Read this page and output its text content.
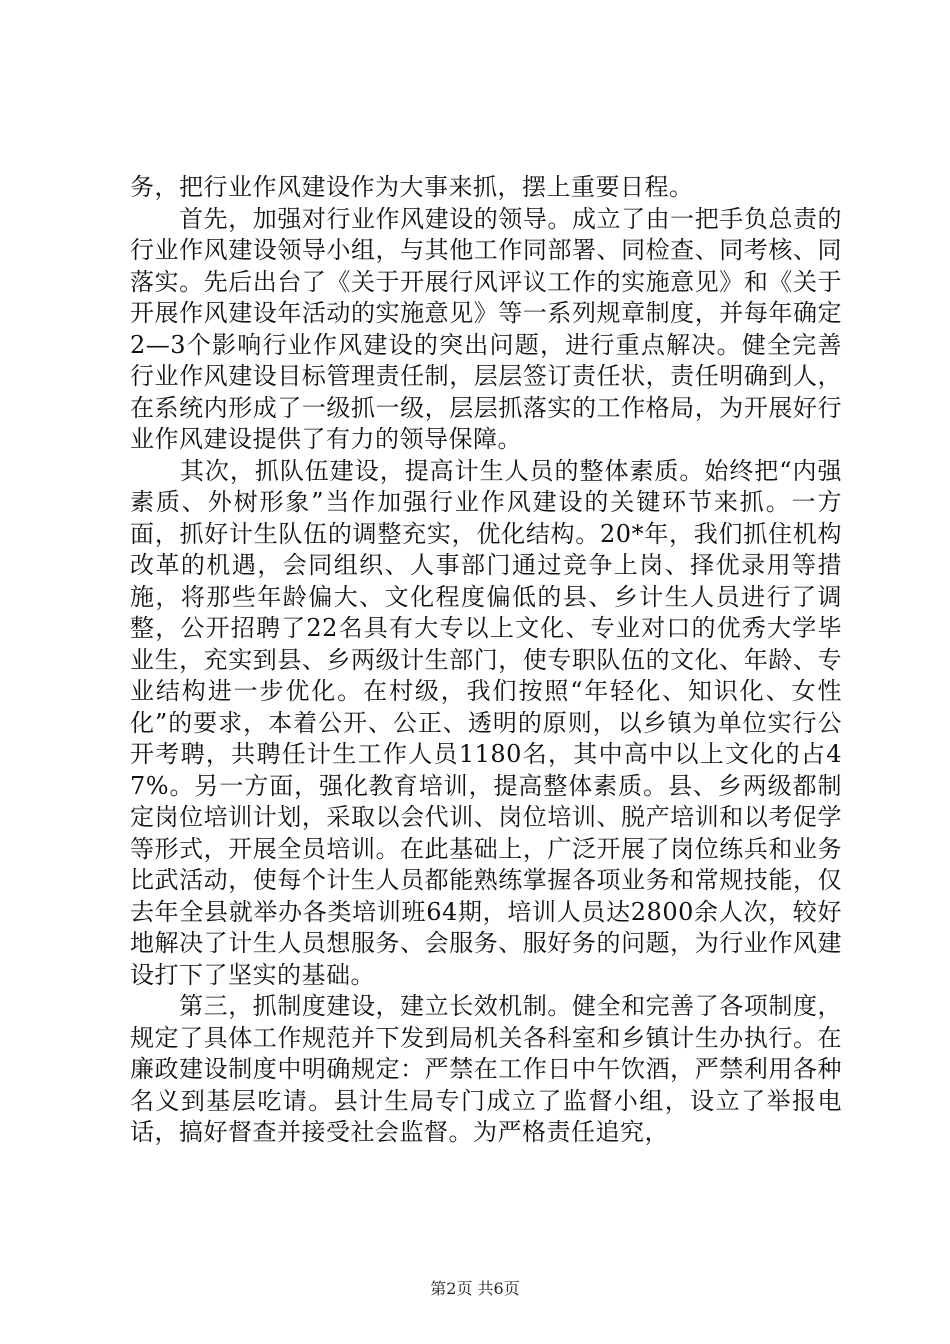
务，把行业作风建设作为大事来抓，摆上重要日程。

　　首先，加强对行业作风建设的领导。成立了由一把手负总责的行业作风建设领导小组，与其他工作同部署、同检查、同考核、同落实。先后出台了《关于开展行风评议工作的实施意见》和《关于开展作风建设年活动的实施意见》等一系列规章制度，并每年确定2—3个影响行业作风建设的突出问题，进行重点解决。健全完善行业作风建设目标管理责任制，层层签订责任状，责任明确到人，在系统内形成了一级抓一级，层层抓落实的工作格局，为开展好行业作风建设提供了有力的领导保障。

　　其次，抓队伍建设，提高计生人员的整体素质。始终把“内强素质、外树形象”当作加强行业作风建设的关键环节来抓。一方面，抓好计生队伍的调整充实，优化结构。20*年，我们抓住机构改革的机遇，会同组织、人事部门通过竞争上岗、择优录用等措施，将那些年龄偏大、文化程度偏低的县、乡计生人员进行了调整，公开招聘了22名具有大专以上文化、专业对口的优秀大学毕业生，充实到县、乡两级计生部门，使专职队伍的文化、年龄、专业结构进一步优化。在村级，我们按照“年轻化、知识化、女性化”的要求，本着公开、公正、透明的原则，以乡镇为单位实行公开考聘，共聘任计生工作人员1180名，其中高中以上文化的占47%。另一方面，强化教育培训，提高整体素质。县、乡两级都制定岗位培训计划，采取以会代训、岗位培训、脱产培训和以考促学等形式，开展全员培训。在此基础上，广泛开展了岗位练兵和业务比武活动，使每个计生人员都能熟练掌握各项业务和常规技能，仅去年全县就举办各类培训班64期，培训人员达2800余人次，较好地解决了计生人员想服务、会服务、服好务的问题，为行业作风建设打下了坚实的基础。

　　第三，抓制度建设，建立长效机制。健全和完善了各项制度，规定了具体工作规范并下发到局机关各科室和乡镇计生办执行。在廉政建设制度中明确规定：严禁在工作日中午饮酒，严禁利用各种名义到基层吃请。县计生局专门成立了监督小组，设立了举报电话，搞好督查并接受社会监督。为严格责任追究，

第2页 共6页
